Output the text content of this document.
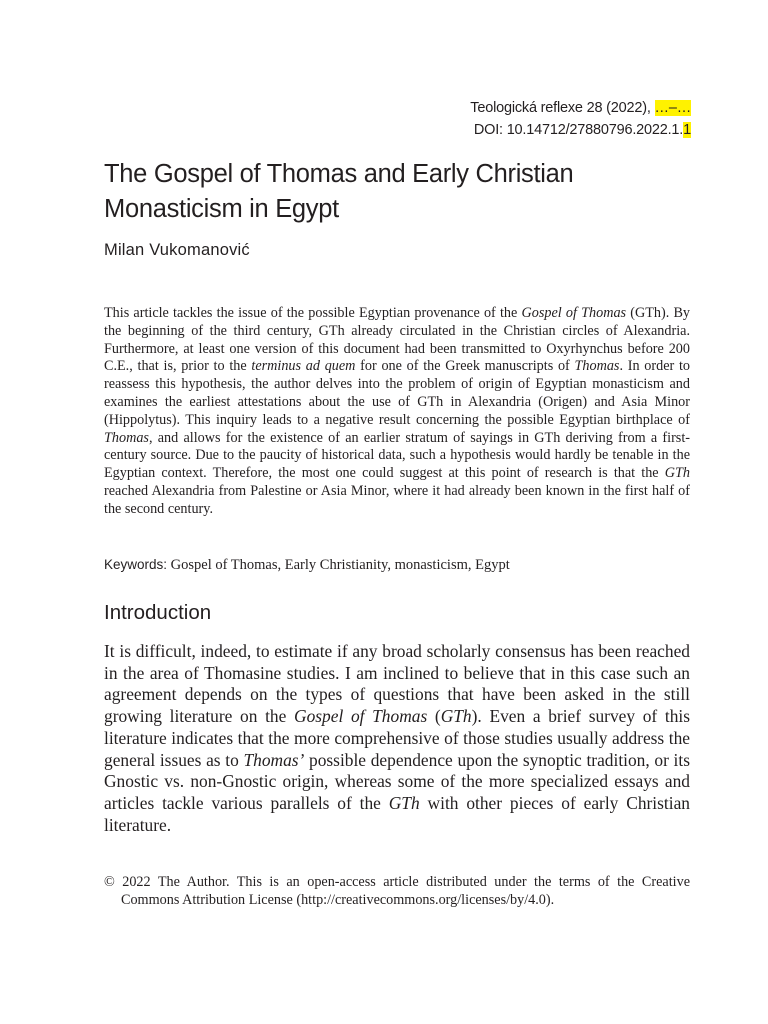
Teologická reflexe 28 (2022), …–…
DOI: 10.14712/27880796.2022.1.1
The Gospel of Thomas and Early Christian Monasticism in Egypt
Milan Vukomanović

This article tackles the issue of the possible Egyptian provenance of the Gospel of Thomas (GTh). By the beginning of the third century, GTh already circulated in the Christian circles of Alexandria. Furthermore, at least one version of this document had been transmitted to Oxyrhynchus before 200 C.E., that is, prior to the terminus ad quem for one of the Greek manuscripts of Thomas. In order to reassess this hypothesis, the author delves into the problem of origin of Egyptian monasticism and examines the earliest attestations about the use of GTh in Alexandria (Origen) and Asia Minor (Hippolytus). This inquiry leads to a negative result concerning the possible Egyptian birthplace of Thomas, and allows for the existence of an earlier stratum of sayings in GTh deriving from a first-century source. Due to the paucity of historical data, such a hypothesis would hardly be tenable in the Egyptian context. Therefore, the most one could suggest at this point of research is that the GTh reached Alexandria from Palestine or Asia Minor, where it had already been known in the first half of the second century.

Keywords: Gospel of Thomas, Early Christianity, monasticism, Egypt
Introduction

It is difficult, indeed, to estimate if any broad scholarly consensus has been reached in the area of Thomasine studies. I am inclined to believe that in this case such an agreement depends on the types of questions that have been asked in the still growing literature on the Gospel of Thomas (GTh). Even a brief survey of this literature indicates that the more comprehensive of those studies usually address the general issues as to Thomas’ possible dependence upon the synoptic tradition, or its Gnostic vs. non-Gnostic origin, whereas some of the more specialized essays and articles tackle various parallels of the GTh with other pieces of early Christian literature.

© 2022 The Author. This is an open-access article distributed under the terms of the Creative Commons Attribution License (http://creativecommons.org/licenses/by/4.0).
